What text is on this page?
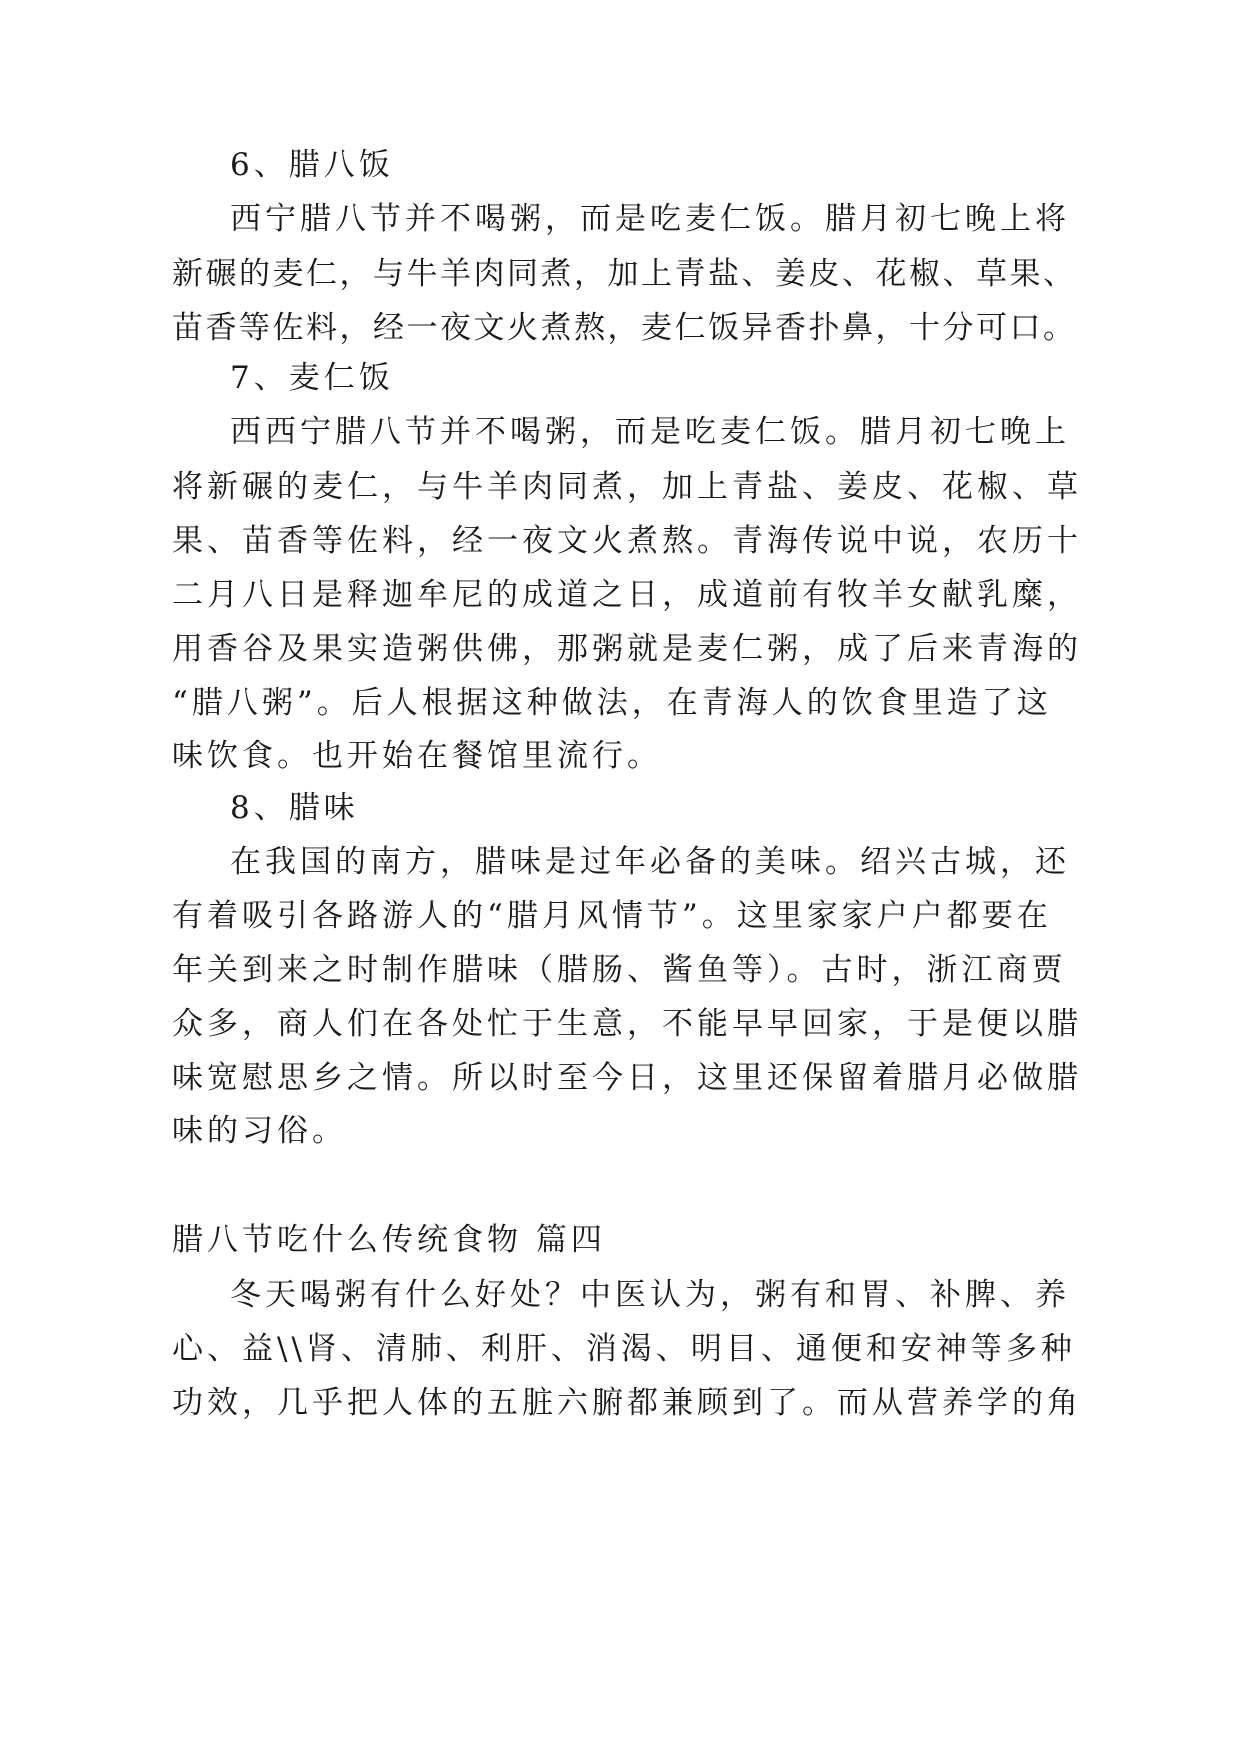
6、腊八饭
西宁腊八节并不喝粥，而是吃麦仁饭。腊月初七晚上将
新碾的麦仁，与牛羊肉同煮，加上青盐、姜皮、花椒、草果、
苗香等佐料，经一夜文火煮熬，麦仁饭异香扑鼻，十分可口。
7、麦仁饭
西西宁腊八节并不喝粥，而是吃麦仁饭。腊月初七晚上
将新碾的麦仁，与牛羊肉同煮，加上青盐、姜皮、花椒、草
果、苗香等佐料，经一夜文火煮熬。青海传说中说，农历十
二月八日是释迦牟尼的成道之日，成道前有牧羊女献乳糜，
用香谷及果实造粥供佛，那粥就是麦仁粥，成了后来青海的
“腊八粥”。后人根据这种做法，在青海人的饮食里造了这
味饮食。也开始在餐馆里流行。
8、腊味
在我国的南方，腊味是过年必备的美味。绍兴古城，还
有着吸引各路游人的“腊月风情节”。这里家家户户都要在
年关到来之时制作腊味（腊肠、酱鱼等）。古时，浙江商贾
众多，商人们在各处忙于生意，不能早早回家，于是便以腊
味宽慰思乡之情。所以时至今日，这里还保留着腊月必做腊
味的习俗。
腊八节吃什么传统食物 篇四
冬天喝粥有什么好处？中医认为，粥有和胃、补脾、养
心、益\\肾、清肺、利肝、消渴、明目、通便和安神等多种
功效，几乎把人体的五脏六腑都兼顾到了。而从营养学的角
